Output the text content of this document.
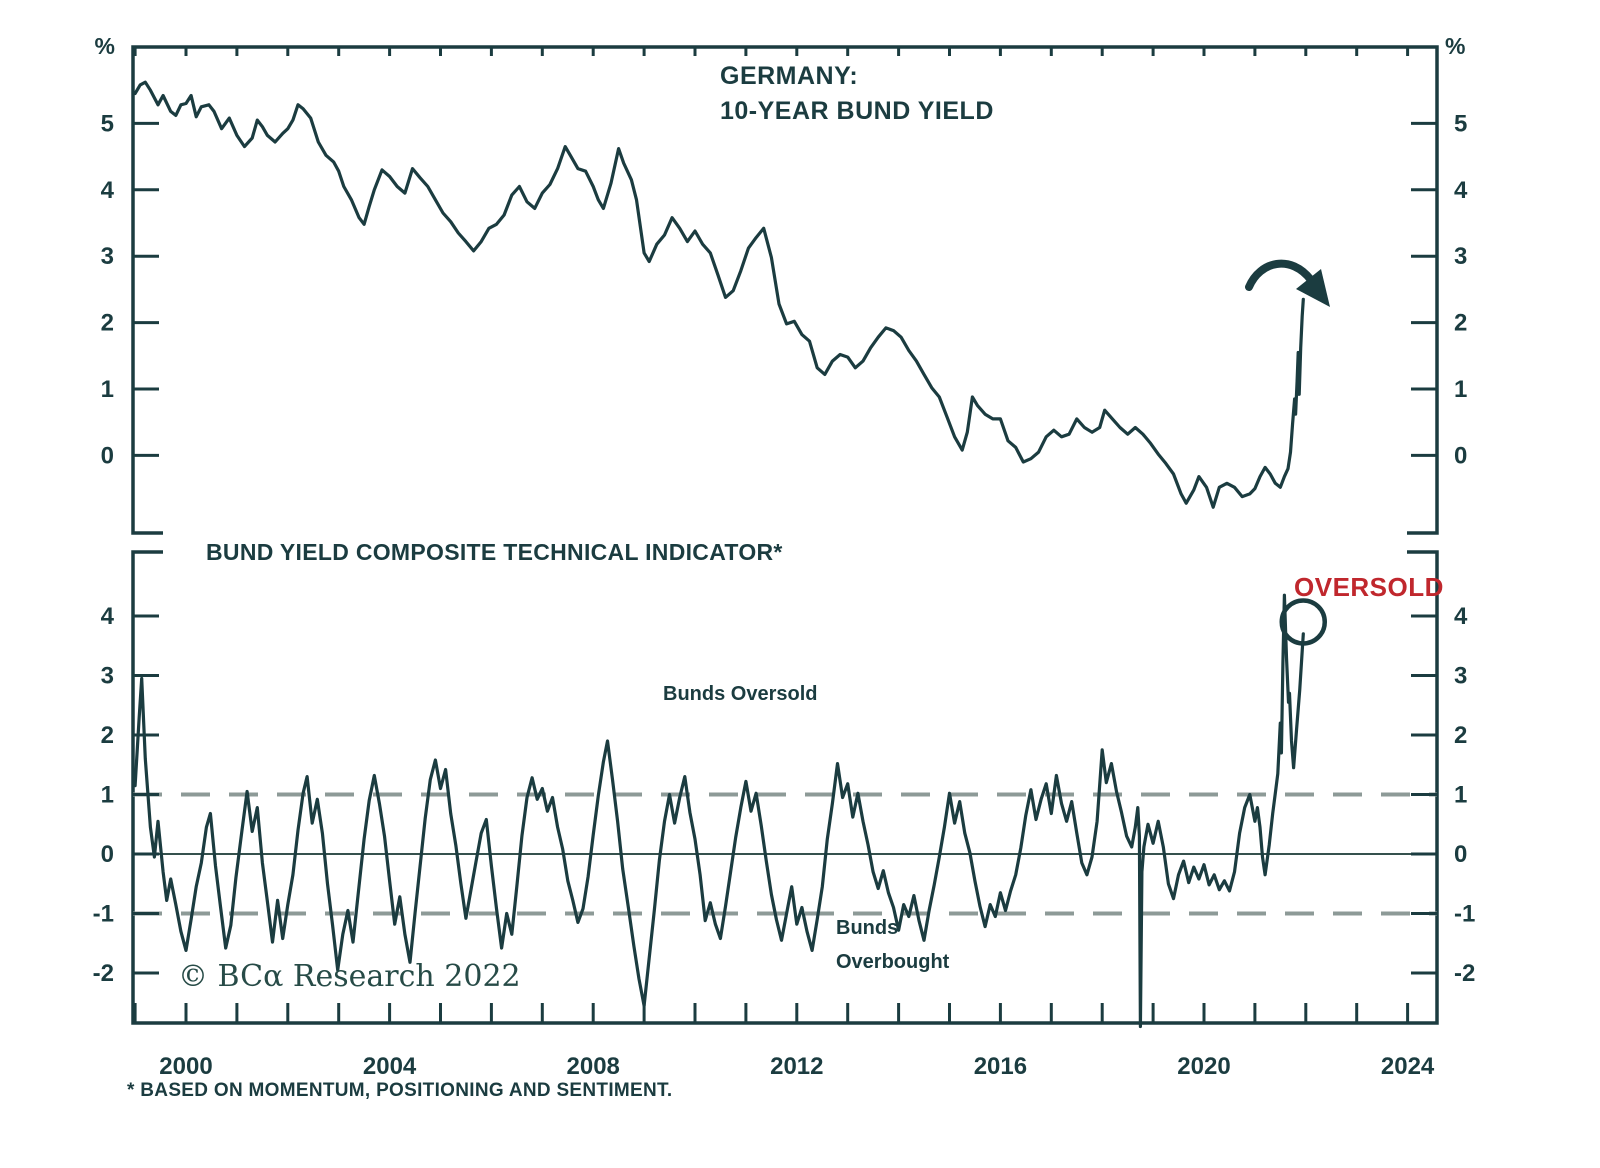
0	0
1	1
2	2
3	3
4	4
5	5
%	%
GERMANY:
10-YEAR BUND YIELD
-2	-2
-1	-1
0	0
1	1
2	2
3	3
4	4
2000	2004	2008	2012	2016	2020	2024
BUND YIELD COMPOSITE TECHNICAL INDICATOR*
OVERSOLD
Bunds Oversold
Bunds
Overbought
© BCα Research 2022
* BASED ON MOMENTUM, POSITIONING AND SENTIMENT.
